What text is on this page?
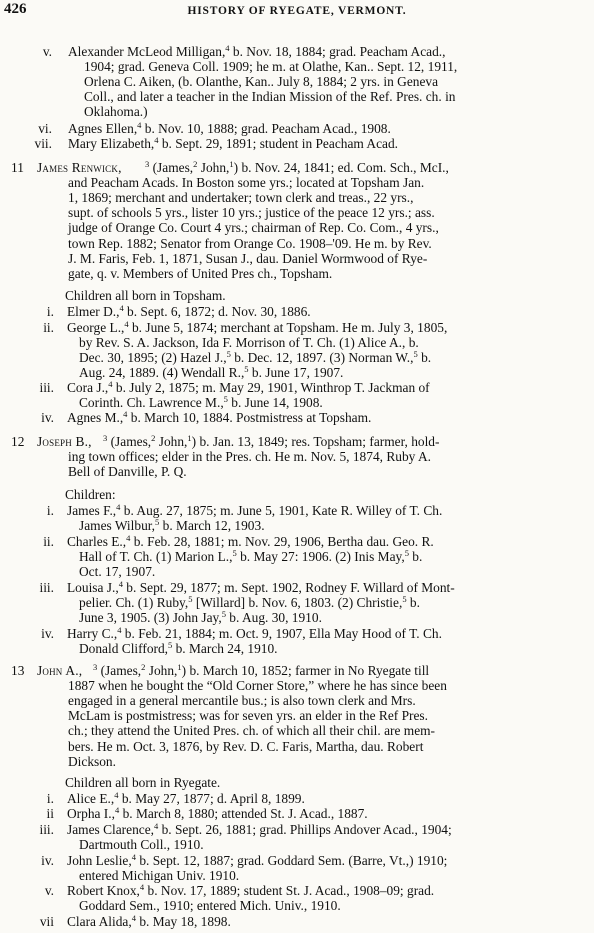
426	HISTORY OF RYEGATE, VERMONT.
v. Alexander McLeod Milligan,$^4$ b. Nov. 18, 1884; grad. Peacham Acad.,
1904; grad. Geneva Coll. 1909; he m. at Olathe, Kan.. Sept. 12, 1911,
Orlena C. Aiken, (b. Olanthe, Kan.. July 8, 1884; 2 yrs. in Geneva
Coll., and later a teacher in the Indian Mission of the Ref. Pres. ch. in
Oklahoma.)
vi. Agnes Ellen,$^4$ b. Nov. 10, 1888; grad. Peacham Acad., 1908.
vii. Mary Elizabeth,$^4$ b. Sept. 29, 1891; student in Peacham Acad.
11 James Renwick,	$^3$ (James,$^2$ John,$^1$) b. Nov. 24, 1841; ed. Com. Sch., McI.,
and Peacham Acads. In Boston some yrs.; located at Topsham Jan.
1, 1869; merchant and undertaker; town clerk and treas., 22 yrs.,
supt. of schools 5 yrs., lister 10 yrs.; justice of the peace 12 yrs.; ass.
judge of Orange Co. Court 4 yrs.; chairman of Rep. Co. Com., 4 yrs.,
town Rep. 1882; Senator from Orange Co. 1908–'09. He m. by Rev.
J. M. Faris, Feb. 1, 1871, Susan J., dau. Daniel Wormwood of Rye-
gate, q. v. Members of United Pres ch., Topsham.
Children all born in Topsham.
i. Elmer D.,$^4$ b. Sept. 6, 1872; d. Nov. 30, 1886.
ii. George L.,$^4$ b. June 5, 1874; merchant at Topsham. He m. July 3, 1805,
by Rev. S. A. Jackson, Ida F. Morrison of T. Ch. (1) Alice A., b.
Dec. 30, 1895; (2) Hazel J.,$^5$ b. Dec. 12, 1897. (3) Norman W.,$^5$ b.
Aug. 24, 1889. (4) Wendall R.,$^5$ b. June 17, 1907.
iii. Cora J.,$^4$ b. July 2, 1875; m. May 29, 1901, Winthrop T. Jackman of
Corinth. Ch. Lawrence M.,$^5$ b. June 14, 1908.
iv. Agnes M.,$^4$ b. March 10, 1884. Postmistress at Topsham.
12 Joseph B., $^3$ (James,$^2$ John,$^1$) b. Jan. 13, 1849; res. Topsham; farmer, hold-
ing town offices; elder in the Pres. ch. He m. Nov. 5, 1874, Ruby A.
Bell of Danville, P. Q.
Children:
i. James F.,$^4$ b. Aug. 27, 1875; m. June 5, 1901, Kate R. Willey of T. Ch.
James Wilbur,$^5$ b. March 12, 1903.
ii. Charles E.,$^4$ b. Feb. 28, 1881; m. Nov. 29, 1906, Bertha dau. Geo. R.
Hall of T. Ch. (1) Marion L.,$^5$ b. May 27: 1906. (2) Inis May,$^5$ b.
Oct. 17, 1907.
iii. Louisa J.,$^4$ b. Sept. 29, 1877; m. Sept. 1902, Rodney F. Willard of Mont-
pelier. Ch. (1) Ruby,$^5$ [Willard] b. Nov. 6, 1803. (2) Christie,$^5$ b.
June 3, 1905. (3) John Jay,$^5$ b. Aug. 30, 1910.
iv. Harry C.,$^4$ b. Feb. 21, 1884; m. Oct. 9, 1907, Ella May Hood of T. Ch.
Donald Clifford,$^5$ b. March 24, 1910.
13 John A., $^3$ (James,$^2$ John,$^1$) b. March 10, 1852; farmer in No Ryegate till
1887 when he bought the “Old Corner Store,” where he has since been
engaged in a general mercantile bus.; is also town clerk and Mrs.
McLam is postmistress; was for seven yrs. an elder in the Ref Pres.
ch.; they attend the United Pres. ch. of which all their chil. are mem-
bers. He m. Oct. 3, 1876, by Rev. D. C. Faris, Martha, dau. Robert
Dickson.
Children all born in Ryegate.
i. Alice E.,$^4$ b. May 27, 1877; d. April 8, 1899.
ii Orpha I.,$^4$ b. March 8, 1880; attended St. J. Acad., 1887.
iii. James Clarence,$^4$ b. Sept. 26, 1881; grad. Phillips Andover Acad., 1904;
Dartmouth Coll., 1910.
iv. John Leslie,$^4$ b. Sept. 12, 1887; grad. Goddard Sem. (Barre, Vt.,) 1910;
entered Michigan Univ. 1910.
v. Robert Knox,$^4$ b. Nov. 17, 1889; student St. J. Acad., 1908–09; grad.
Goddard Sem., 1910; entered Mich. Univ., 1910.
vii Clara Alida,$^4$ b. May 18, 1898.
